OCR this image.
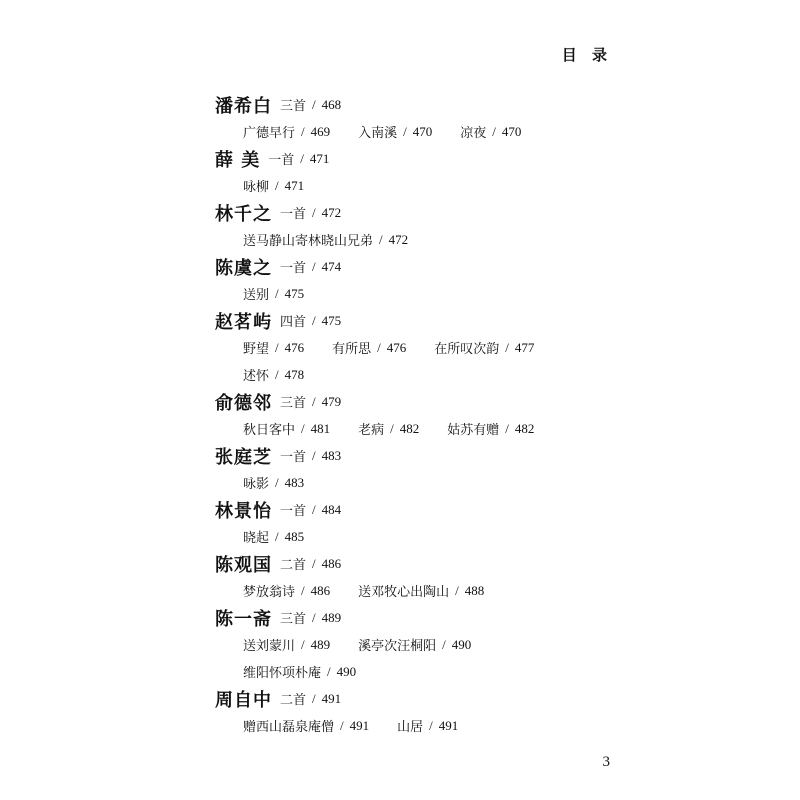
目 录
潘希白 三首 / 468
广德早行 / 469 入南溪 / 470 凉夜 / 470
薛 美 一首 / 471
咏柳 / 471
林千之 一首 / 472
送马静山寄林晓山兄弟 / 472
陈虞之 一首 / 474
送别 / 475
赵茗屿 四首 / 475
野望 / 476 有所思 / 476 在所叹次韵 / 477
述怀 / 478
俞德邻 三首 / 479
秋日客中 / 481 老病 / 482 姑苏有赠 / 482
张庭芝 一首 / 483
咏影 / 483
林景怡 一首 / 484
晓起 / 485
陈观国 二首 / 486
梦放翁诗 / 486 送邓牧心出陶山 / 488
陈一斋 三首 / 489
送刘蒙川 / 489 溪亭次汪桐阳 / 490
维阳怀项朴庵 / 490
周自中 二首 / 491
赠西山磊泉庵僧 / 491 山居 / 491
3
